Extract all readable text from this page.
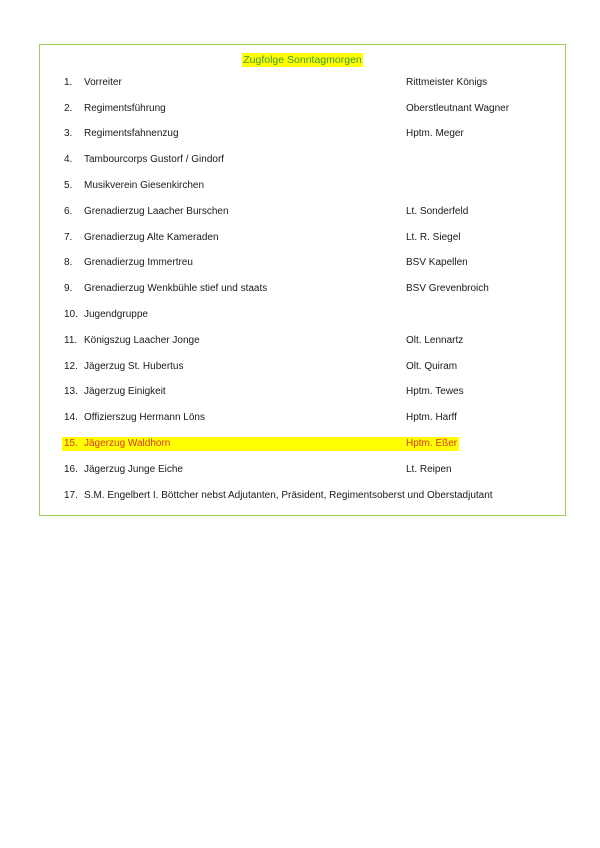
Zugfolge Sonntagmorgen
1. Vorreiter	Rittmeister Königs
2. Regimentsführung	Oberstleutnant Wagner
3. Regimentsfahnenzug	Hptm. Meger
4. Tambourcorps Gustorf / Gindorf
5. Musikverein Giesenkirchen
6. Grenadierzug Laacher Burschen	Lt. Sonderfeld
7. Grenadierzug Alte Kameraden	Lt. R. Siegel
8. Grenadierzug Immertreu	BSV Kapellen
9. Grenadierzug Wenkbühle stief und staats	BSV Grevenbroich
10. Jugendgruppe
11. Königszug Laacher Jonge	Olt. Lennartz
12. Jägerzug St. Hubertus	Olt. Quiram
13. Jägerzug Einigkeit	Hptm. Tewes
14. Offizierszug Hermann Löns	Hptm. Harff
15. Jägerzug Waldhorn	Hptm. Eßer
16. Jägerzug Junge Eiche	Lt. Reipen
17. S.M. Engelbert I. Böttcher nebst Adjutanten, Präsident, Regimentsoberst und Oberstadjutant
